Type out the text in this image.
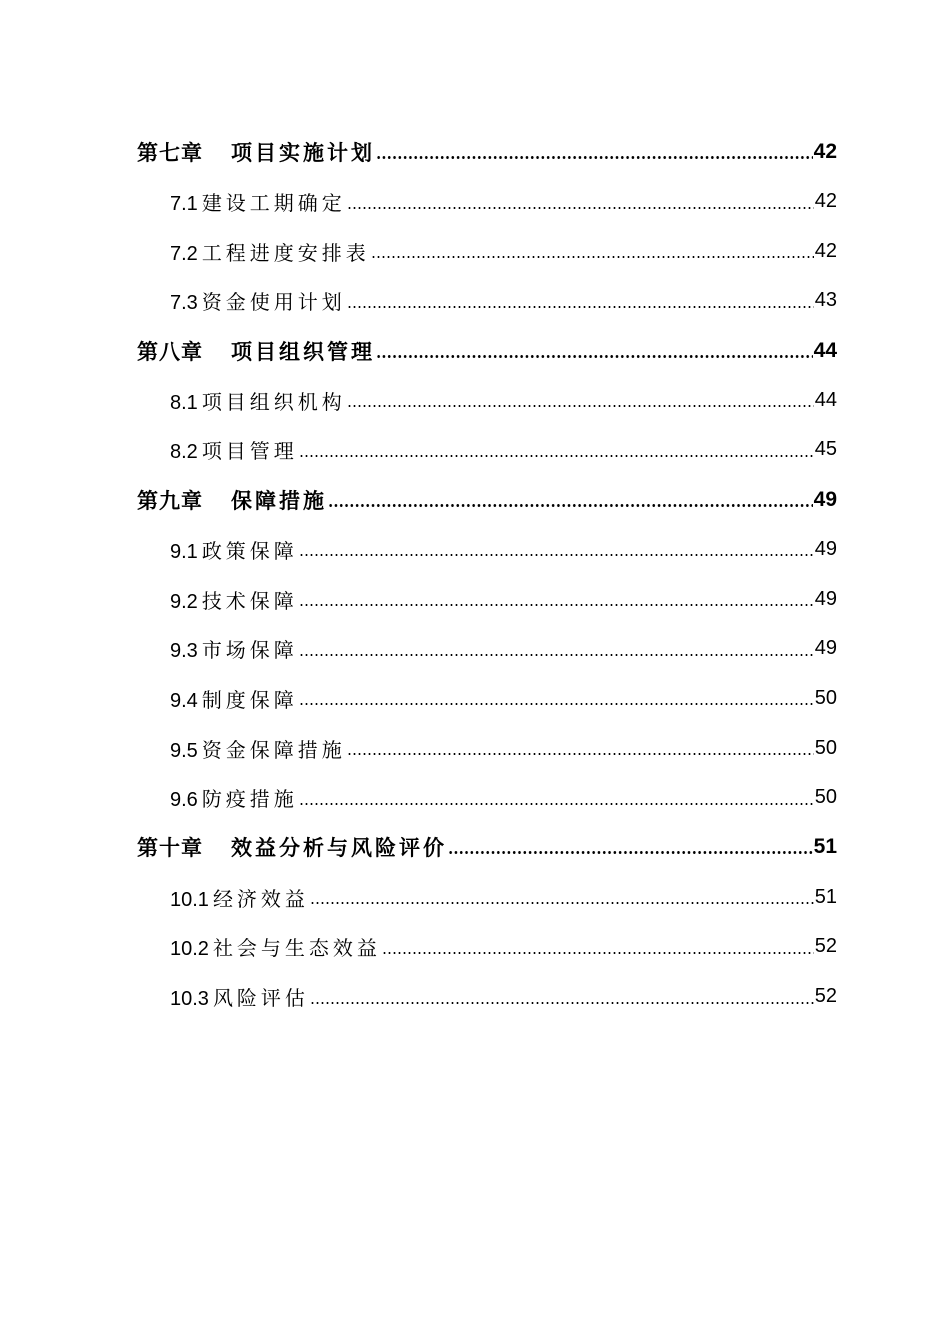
第七章 项目实施计划	42
7.1 建设工期确定	42
7.2 工程进度安排表	42
7.3 资金使用计划	43
第八章 项目组织管理	44
8.1 项目组织机构	44
8.2 项目管理	45
第九章 保障措施	49
9.1 政策保障	49
9.2 技术保障	49
9.3 市场保障	49
9.4 制度保障	50
9.5 资金保障措施	50
9.6 防疫措施	50
第十章 效益分析与风险评价	51
10.1 经济效益	51
10.2 社会与生态效益	52
10.3 风险评估	52
